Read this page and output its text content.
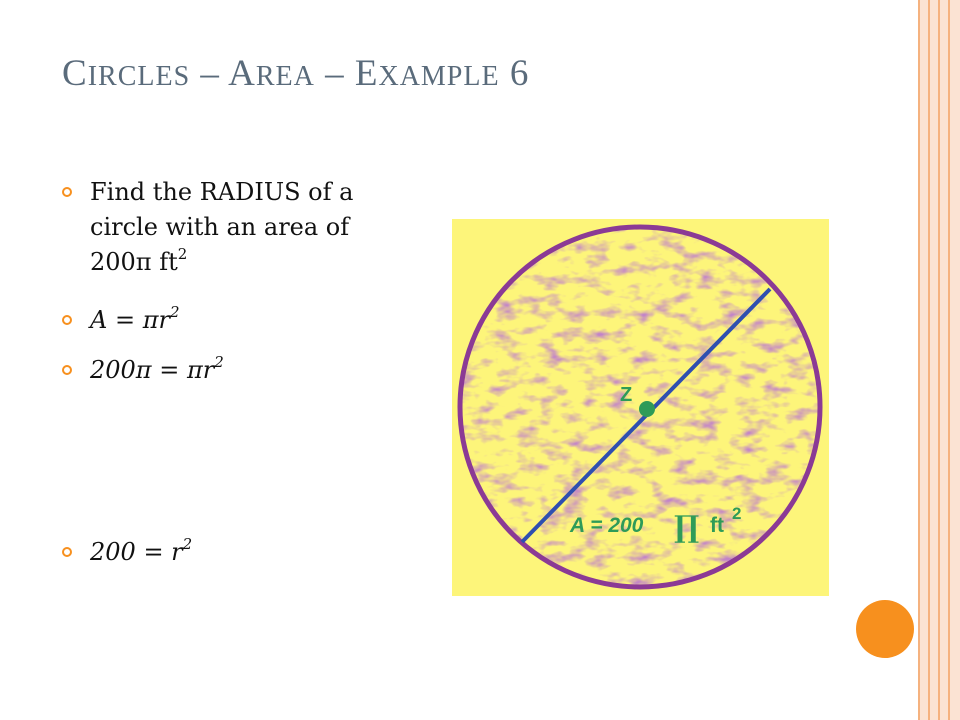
CIRCLES – AREA – EXAMPLE 6
Find the RADIUS of a
circle with an area of
200π $ft^2$
$A = \pi r^2$
$200\pi = \pi r^2$
$200 = r^2$
Z
A = 200 ∏ ft
2
